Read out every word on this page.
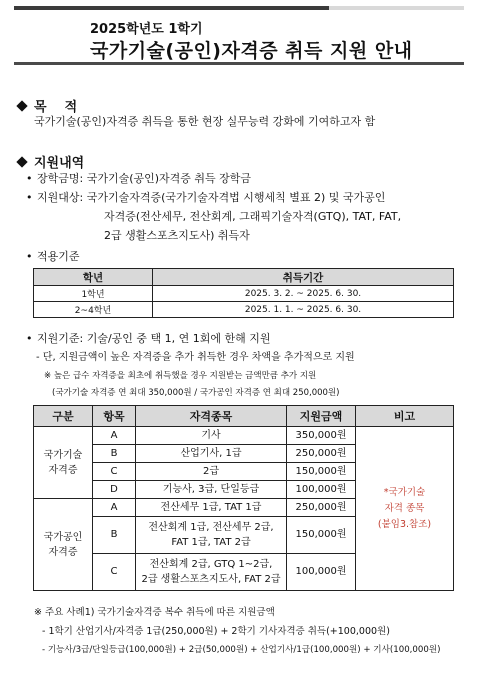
2025학년도 1학기
국가기술(공인)자격증 취득 지원 안내
목    적
국가기술(공인)자격증 취득을 통한 현장 실무능력 강화에 기여하고자 함
지원내역
• 장학금명: 국가기술(공인)자격증 취득 장학금
• 지원대상: 국가기술자격증(국가기술자격법 시행세칙 별표 2) 및 국가공인
자격증(전산세무, 전산회계, 그래픽기술자격(GTQ), TAT, FAT,
2급 생활스포츠지도사) 취득자
• 적용기준
학년	취득기간
1학년	2025. 3. 2. ~ 2025. 6. 30.
2~4학년	2025. 1. 1. ~ 2025. 6. 30.
• 지원기준: 기술/공인 중 택 1, 연 1회에 한해 지원
- 단, 지원금액이 높은 자격증을 추가 취득한 경우 차액을 추가적으로 지원
※ 높은 급수 자격증을 최초에 취득했을 경우 지원받는 금액만큼 추가 지원
(국가기술 자격증 연 최대 350,000원 / 국가공인 자격증 연 최대 250,000원)
구분	항목	자격종목	지원금액	비고
국가기술 자격증	A	기사	350,000원	*국가기술
자격 종목
(붙임3.참조)

	B	산업기사, 1급	250,000원	
	C	2급	150,000원	
	D	기능사, 3급, 단일등급	100,000원	
국가공인 자격증	A	전산세무 1급, TAT 1급	250,000원	
	B	전산회계 1급, 전산세무 2급,
FAT 1급, TAT 2급	150,000원	
	C	전산회계 2급, GTQ 1~2급,
2급 생활스포츠지도사, FAT 2급	100,000원	
※ 주요 사례1) 국가기술자격증 복수 취득에 따른 지원금액
- 1학기 산업기사/자격증 1급(250,000원) + 2학기 기사자격증 취득(+100,000원)
- 기능사/3급/단일등급(100,000원) + 2급(50,000원) + 산업기사/1급(100,000원) + 기사(100,000원)
